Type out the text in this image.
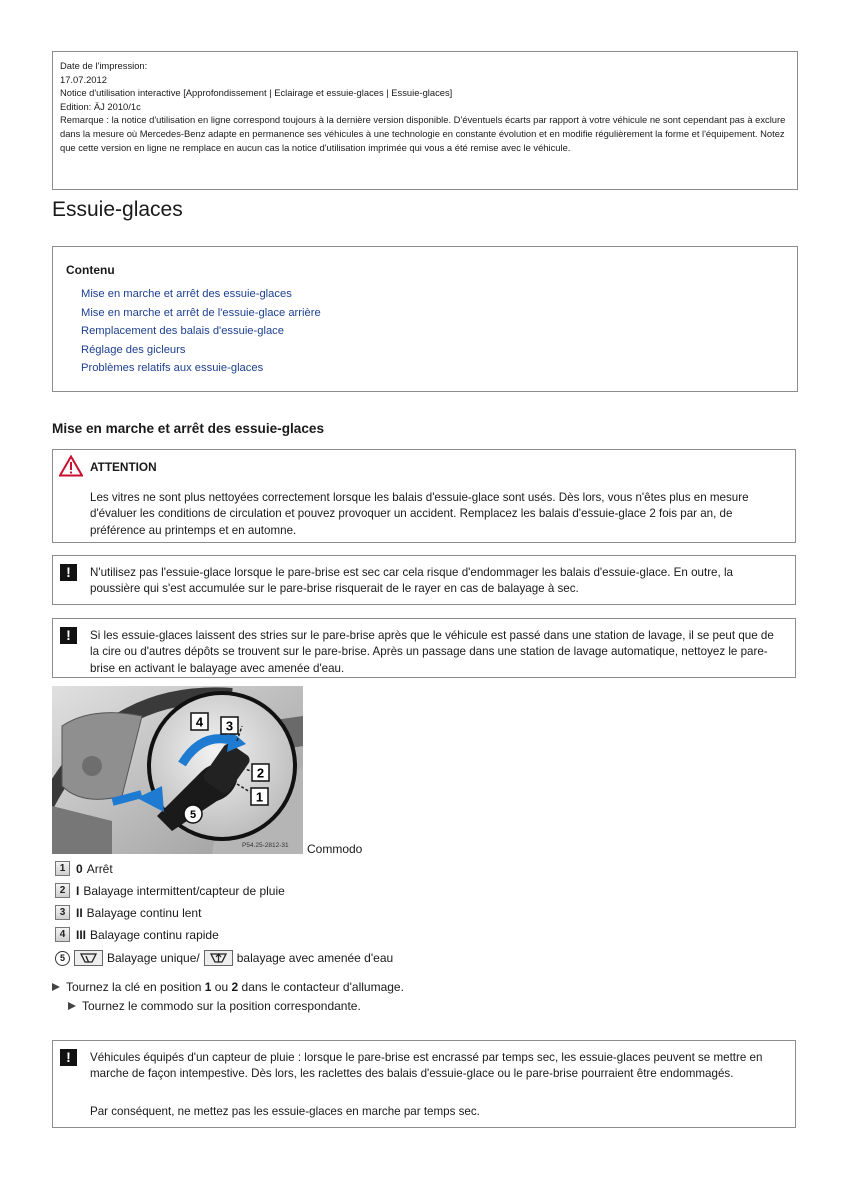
Date de l'impression:
17.07.2012
Notice d'utilisation interactive [Approfondissement | Eclairage et essuie-glaces | Essuie-glaces]
Edition: ÄJ 2010/1c
Remarque : la notice d'utilisation en ligne correspond toujours à la dernière version disponible. D'éventuels écarts par rapport à votre véhicule ne sont cependant pas à exclure dans la mesure où Mercedes-Benz adapte en permanence ses véhicules à une technologie en constante évolution et en modifie régulièrement la forme et l'équipement. Notez que cette version en ligne ne remplace en aucun cas la notice d'utilisation imprimée qui vous a été remise avec le véhicule.
Essuie-glaces
Contenu
Mise en marche et arrêt des essuie-glaces
Mise en marche et arrêt de l'essuie-glace arrière
Remplacement des balais d'essuie-glace
Réglage des gicleurs
Problèmes relatifs aux essuie-glaces
Mise en marche et arrêt des essuie-glaces
ATTENTION
Les vitres ne sont plus nettoyées correctement lorsque les balais d'essuie-glace sont usés. Dès lors, vous n'êtes plus en mesure d'évaluer les conditions de circulation et pouvez provoquer un accident. Remplacez les balais d'essuie-glace 2 fois par an, de préférence au printemps et en automne.
!	N'utilisez pas l'essuie-glace lorsque le pare-brise est sec car cela risque d'endommager les balais d'essuie-glace. En outre, la poussière qui s'est accumulée sur le pare-brise risquerait de le rayer en cas de balayage à sec.
!	Si les essuie-glaces laissent des stries sur le pare-brise après que le véhicule est passé dans une station de lavage, il se peut que de la cire ou d'autres dépôts se trouvent sur le pare-brise. Après un passage dans une station de lavage automatique, nettoyez le pare-brise en activant le balayage avec amenée d'eau.
4 3
2
1
5
P54.25-2812-31 Commodo
1 0 Arrêt
2 I Balayage intermittent/capteur de pluie
3 II Balayage continu lent
4 III Balayage continu rapide
5	Balayage unique/	balayage avec amenée d'eau
Tournez la clé en position
1
ou
2
dans le contacteur d'allumage.
Tournez le commodo sur la position correspondante.
!	Véhicules équipés d'un capteur de pluie : lorsque le pare-brise est encrassé par temps sec, les essuie-glaces peuvent se mettre en marche de façon intempestive. Dès lors, les raclettes des balais d'essuie-glace ou le pare-brise pourraient être endommagés.
Par conséquent, ne mettez pas les essuie-glaces en marche par temps sec.
